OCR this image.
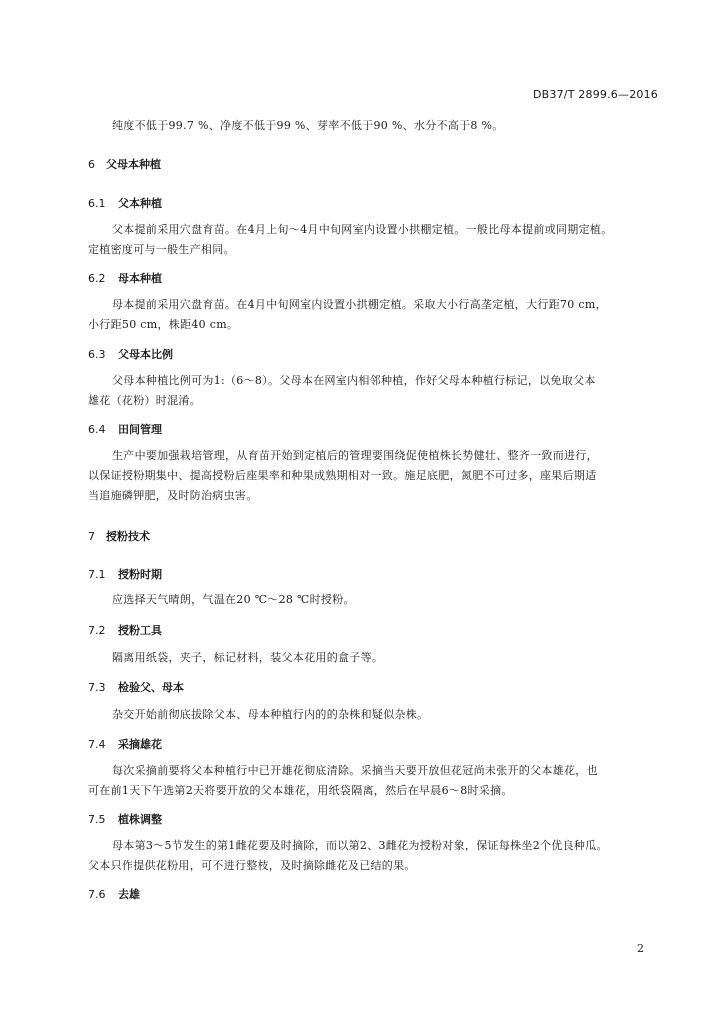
DB37/T 2899.6—2016
纯度不低于99.7 %、净度不低于99 %、芽率不低于90 %、水分不高于8 %。
6 父母本种植
6.1 父本种植
父本提前采用穴盘育苗。在4月上旬～4月中旬网室内设置小拱棚定植。一般比母本提前或同期定植。
定植密度可与一般生产相同。
6.2 母本种植
母本提前采用穴盘育苗。在4月中旬网室内设置小拱棚定植。采取大小行高垄定植，大行距70 cm，
小行距50 cm，株距40 cm。
6.3 父母本比例
父母本种植比例可为1:（6～8）。父母本在网室内相邻种植，作好父母本种植行标记，以免取父本
雄花（花粉）时混淆。
6.4 田间管理
生产中要加强栽培管理，从育苗开始到定植后的管理要围绕促使植株长势健壮、整齐一致而进行，
以保证授粉期集中、提高授粉后座果率和种果成熟期相对一致。施足底肥，氮肥不可过多，座果后期适
当追施磷钾肥，及时防治病虫害。
7 授粉技术
7.1 授粉时期
应选择天气晴朗，气温在20 ℃～28 ℃时授粉。
7.2 授粉工具
隔离用纸袋，夹子，标记材料，装父本花用的盒子等。
7.3 检验父、母本
杂交开始前彻底拔除父本、母本种植行内的的杂株和疑似杂株。
7.4 采摘雄花
每次采摘前要将父本种植行中已开雄花彻底清除。采摘当天要开放但花冠尚未张开的父本雄花，也
可在前1天下午选第2天将要开放的父本雄花，用纸袋隔离，然后在早晨6～8时采摘。
7.5 植株调整
母本第3～5节发生的第1雌花要及时摘除，而以第2、3雌花为授粉对象，保证每株坐2个优良种瓜。
父本只作提供花粉用，可不进行整枝，及时摘除雌花及已结的果。
7.6 去雄
2
